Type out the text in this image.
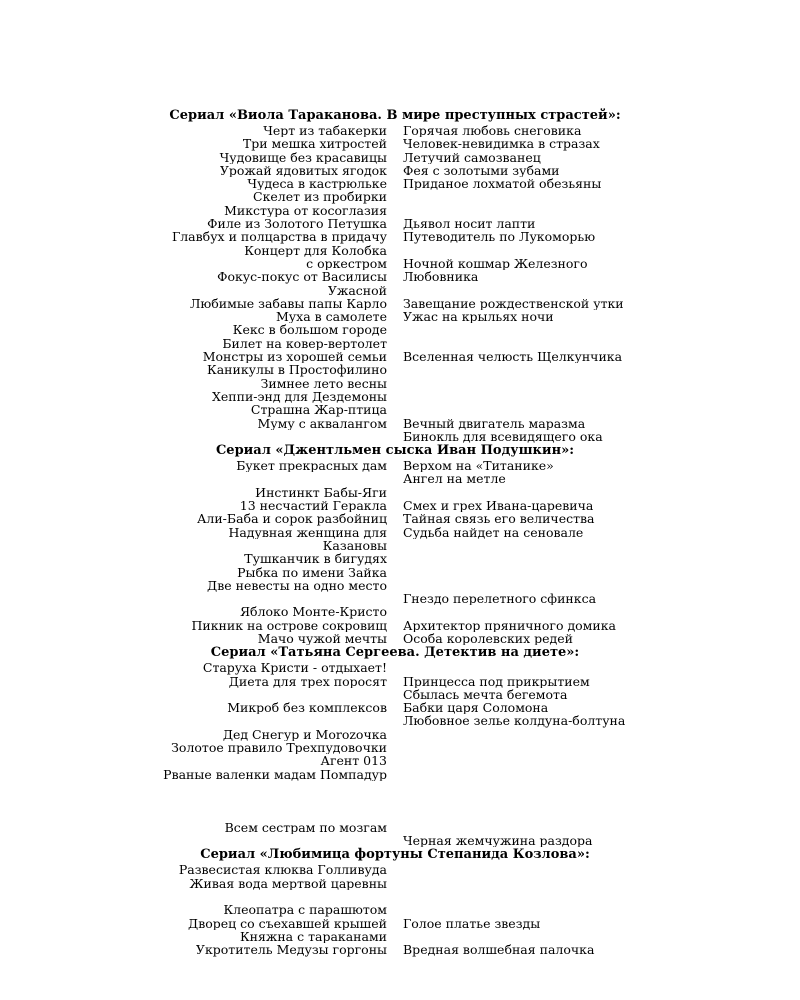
Сериал «Виола Тараканова. В мире преступных страстей»:
Черт из табакерки
Три мешка хитростей
Чудовище без красавицы
Урожай ядовитых ягодок
Чудеса в кастрюльке
Скелет из пробирки
Микстура от косоглазия
Филе из Золотого Петушка
Главбух и полцарства в придачу
Концерт для Колобка
с оркестром
Фокус-покус от Василисы
Ужасной
Любимые забавы папы Карло
Муха в самолете
Кекс в большом городе
Билет на ковер-вертолет
Монстры из хорошей семьи
Каникулы в Простофилино
Зимнее лето весны
Хеппи-энд для Дездемоны
Страшна Жар-птица
Муму с аквалангом
Горячая любовь снеговика
Человек-невидимка в стразах
Летучий самозванец
Фея с золотыми зубами
Приданое лохматой обезьяны

Дьявол носит лапти
Путеводитель по Лукоморью

Ночной кошмар Железного
Любовника

Завещание рождественской утки
Ужас на крыльях ночи

Вселенная челюсть Щелкунчика

Вечный двигатель маразма
Бинокль для всевидящего ока
Сериал «Джентльмен сыска Иван Подушкин»:
Букет прекрасных дам

Инстинкт Бабы-Яги
13 несчастий Геракла
Али-Баба и сорок разбойниц
Надувная женщина для
Казановы
Тушканчик в бигудях
Рыбка по имени Зайка
Две невесты на одно место

Яблоко Монте-Кристо
Пикник на острове сокровищ
Мачо чужой мечты
Верхом на «Титанике»
Ангел на метле

Смех и грех Ивана-царевича
Тайная связь его величества
Судьба найдет на сеновале

Гнездо перелетного сфинкса

Архитектор пряничного домика
Особа королевских редей
Сериал «Татьяна Сергеева. Детектив на диете»:
Старуха Кристи - отдыхает!
Диета для трех поросят

Микроб без комплексов

Дед Снегур и Morozочка
Золотое правило Трехпудовочки
Агент 013
Рваные валенки мадам Помпадур

Всем сестрам по мозгам

Принцесса под прикрытием
Сбылась мечта бегемота
Бабки царя Соломона
Любовное зелье колдуна-болтуна

Черная жемчужина раздора
Сериал «Любимица фортуны Степанида Козлова»:
Развесистая клюква Голливуда
Живая вода мертвой царевны

Клеопатра с парашютом
Дворец со съехавшей крышей
Княжна с тараканами
Укротитель Медузы горгоны

Голое платье звезды

Вредная волшебная палочка
